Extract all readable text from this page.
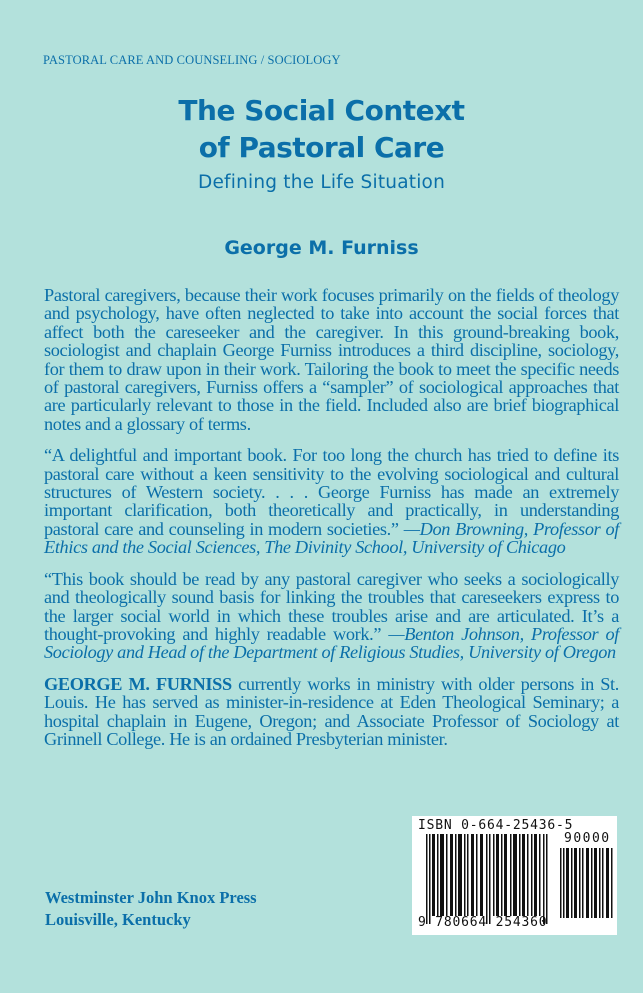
PASTORAL CARE AND COUNSELING / SOCIOLOGY
The Social Context
of Pastoral Care
Defining the Life Situation
George M. Furniss

Pastoral caregivers, because their work focuses primarily on the fields of theology and psychology, have often neglected to take into account the social forces that affect both the careseeker and the caregiver. In this ground-breaking book, sociologist and chaplain George Furniss introduces a third discipline, sociology, for them to draw upon in their work. Tailoring the book to meet the specific needs of pastoral caregivers, Furniss offers a “sampler” of sociological approaches that are particularly relevant to those in the field. Included also are brief biographical notes and a glossary of terms.

“A delightful and important book. For too long the church has tried to define its pastoral care without a keen sensitivity to the evolving sociological and cultural structures of Western society. . . . George Furniss has made an extremely important clarification, both theoretically and practically, in understanding pastoral care and counseling in modern societies.” —Don Browning, Professor of Ethics and the Social Sciences, The Divinity School, University of Chicago

“This book should be read by any pastoral caregiver who seeks a sociologically and theologically sound basis for linking the troubles that careseekers express to the larger social world in which these troubles arise and are articulated. It’s a thought-provoking and highly readable work.” —Benton Johnson, Professor of Sociology and Head of the Department of Religious Studies, University of Oregon

GEORGE M. FURNISS currently works in ministry with older persons in St. Louis. He has served as minister-in-residence at Eden Theological Seminary; a hospital chaplain in Eugene, Oregon; and Associate Professor of Sociology at Grinnell College. He is an ordained Presbyterian minister.

Westminster John Knox Press
Louisville, Kentucky
ISBN 0-664-25436-5
90000
9 780664 254360
